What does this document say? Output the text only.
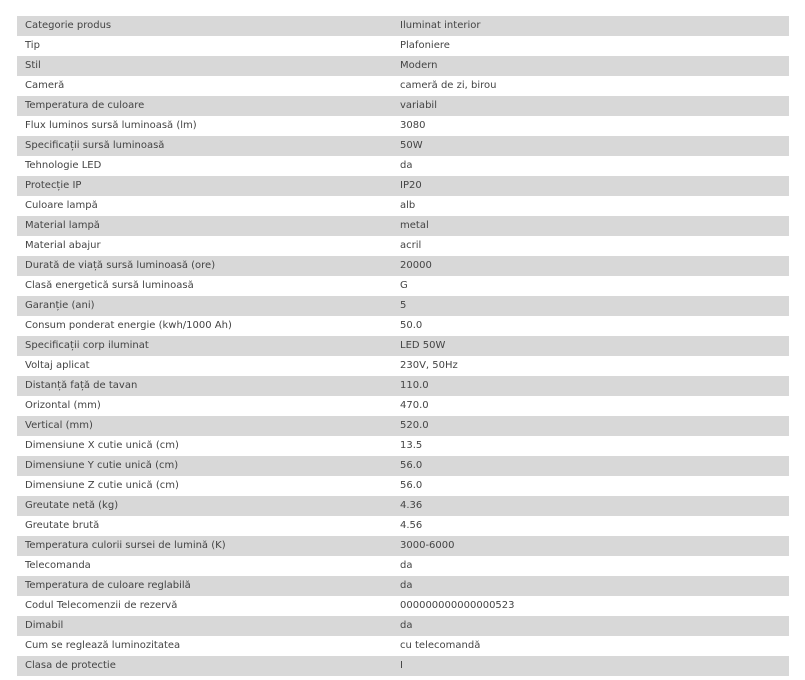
Categorie produs	Iluminat interior
Tip	Plafoniere
Stil	Modern
Cameră	cameră de zi, birou
Temperatura de culoare	variabil
Flux luminos sursă luminoasă (lm)	3080
Specificații sursă luminoasă	50W
Tehnologie LED	da
Protecție IP	IP20
Culoare lampă	alb
Material lampă	metal
Material abajur	acril
Durată de viață sursă luminoasă (ore)	20000
Clasă energetică sursă luminoasă	G
Garanție (ani)	5
Consum ponderat energie (kwh/1000 Ah)	50.0
Specificații corp iluminat	LED 50W
Voltaj aplicat	230V, 50Hz
Distanță față de tavan	110.0
Orizontal (mm)	470.0
Vertical (mm)	520.0
Dimensiune X cutie unică (cm)	13.5
Dimensiune Y cutie unică (cm)	56.0
Dimensiune Z cutie unică (cm)	56.0
Greutate netă (kg)	4.36
Greutate brută	4.56
Temperatura culorii sursei de lumină (K)	3000-6000
Telecomanda	da
Temperatura de culoare reglabilă	da
Codul Telecomenzii de rezervă	000000000000000523
Dimabil	da
Cum se reglează luminozitatea	cu telecomandă
Clasa de protectie	I
